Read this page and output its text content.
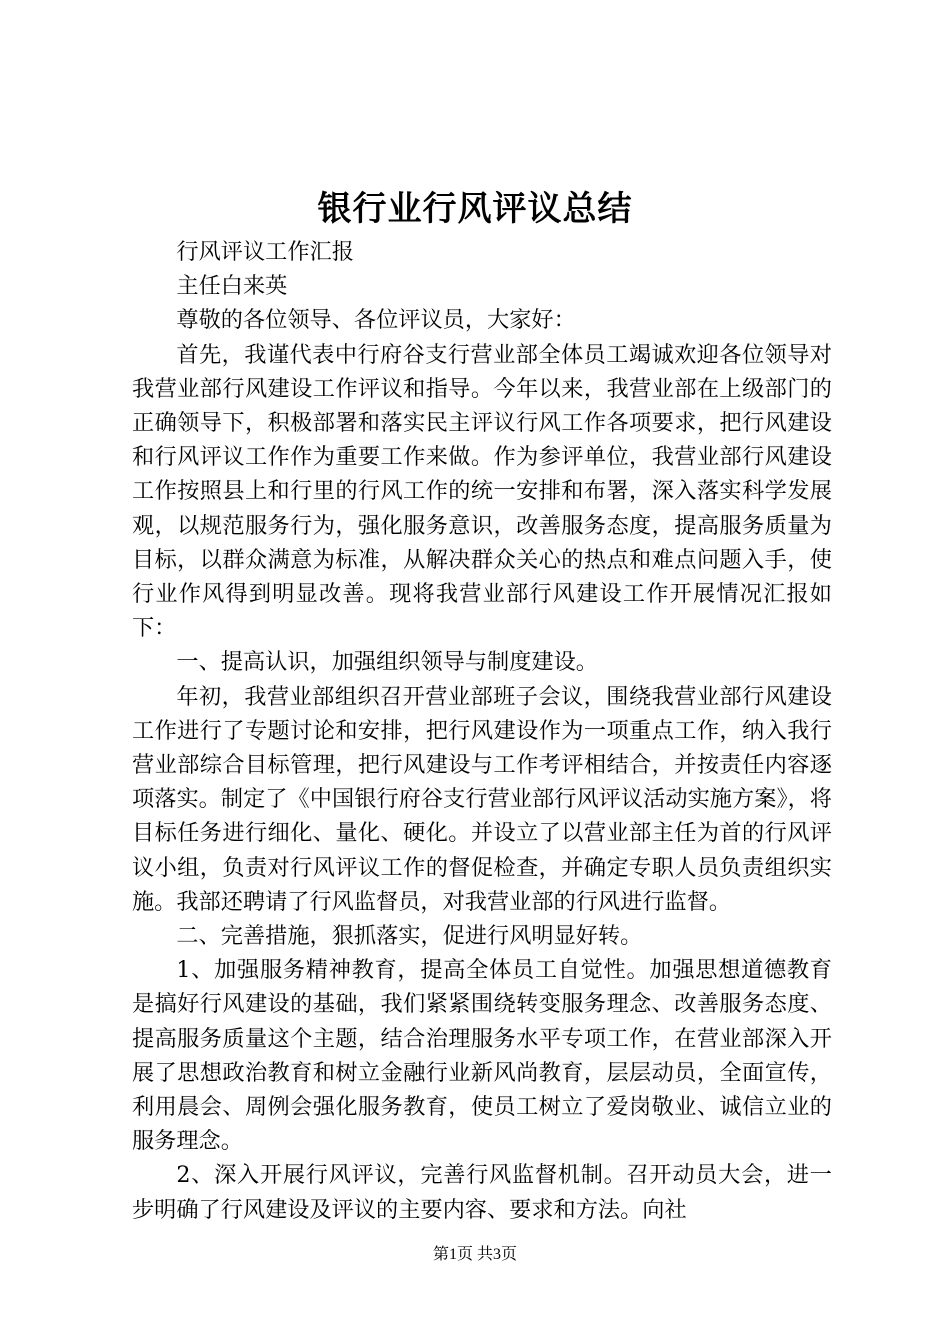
银行业行风评议总结

行风评议工作汇报

主任白来英

尊敬的各位领导、各位评议员，大家好：

首先，我谨代表中行府谷支行营业部全体员工竭诚欢迎各位领导对我营业部行风建设工作评议和指导。今年以来，我营业部在上级部门的正确领导下，积极部署和落实民主评议行风工作各项要求，把行风建设和行风评议工作作为重要工作来做。作为参评单位，我营业部行风建设工作按照县上和行里的行风工作的统一安排和布署，深入落实科学发展观，以规范服务行为，强化服务意识，改善服务态度，提高服务质量为目标，以群众满意为标准，从解决群众关心的热点和难点问题入手，使行业作风得到明显改善。现将我营业部行风建设工作开展情况汇报如下：

一、提高认识，加强组织领导与制度建设。

年初，我营业部组织召开营业部班子会议，围绕我营业部行风建设工作进行了专题讨论和安排，把行风建设作为一项重点工作，纳入我行营业部综合目标管理，把行风建设与工作考评相结合，并按责任内容逐项落实。制定了《中国银行府谷支行营业部行风评议活动实施方案》，将目标任务进行细化、量化、硬化。并设立了以营业部主任为首的行风评议小组，负责对行风评议工作的督促检查，并确定专职人员负责组织实施。我部还聘请了行风监督员，对我营业部的行风进行监督。

二、完善措施，狠抓落实，促进行风明显好转。

1、加强服务精神教育，提高全体员工自觉性。加强思想道德教育是搞好行风建设的基础，我们紧紧围绕转变服务理念、改善服务态度、提高服务质量这个主题，结合治理服务水平专项工作，在营业部深入开展了思想政治教育和树立金融行业新风尚教育，层层动员，全面宣传，利用晨会、周例会强化服务教育，使员工树立了爱岗敬业、诚信立业的服务理念。

2、深入开展行风评议，完善行风监督机制。召开动员大会，进一步明确了行风建设及评议的主要内容、要求和方法。向社

第1页 共3页
